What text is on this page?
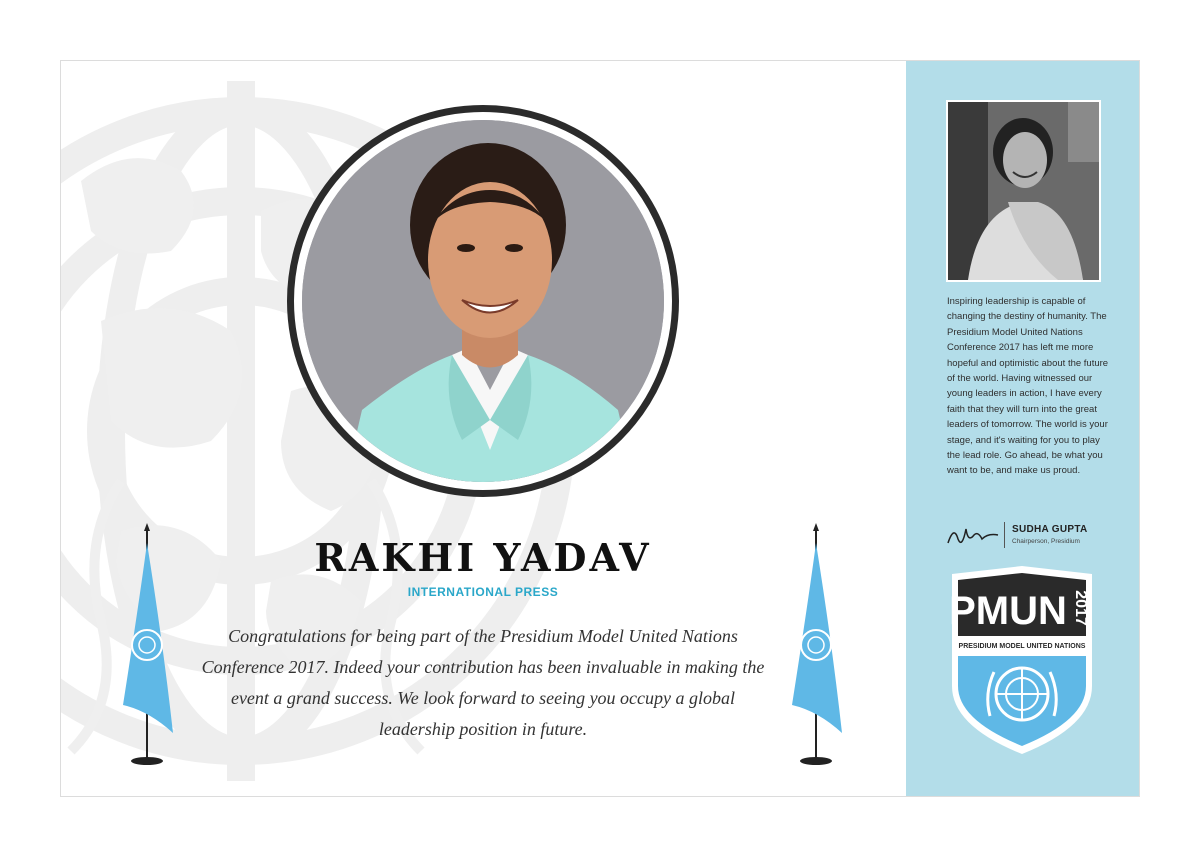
RAKHI YADAV
INTERNATIONAL PRESS

Congratulations for being part of the Presidium Model United Nations Conference 2017. Indeed your contribution has been invaluable in making the event a grand success. We look forward to seeing you occupy a global leadership position in future.

Inspiring leadership is capable of changing the destiny of humanity. The Presidium Model United Nations Conference 2017 has left me more hopeful and optimistic about the future of the world. Having witnessed our young leaders in action, I have every faith that they will turn into the great leaders of tomorrow. The world is your stage, and it's waiting for you to play the lead role. Go ahead, be what you want to be, and make us proud.

SUDHA GUPTA
Chairperson, Presidium
PMUN 2017
PRESIDIUM MODEL UNITED NATIONS
